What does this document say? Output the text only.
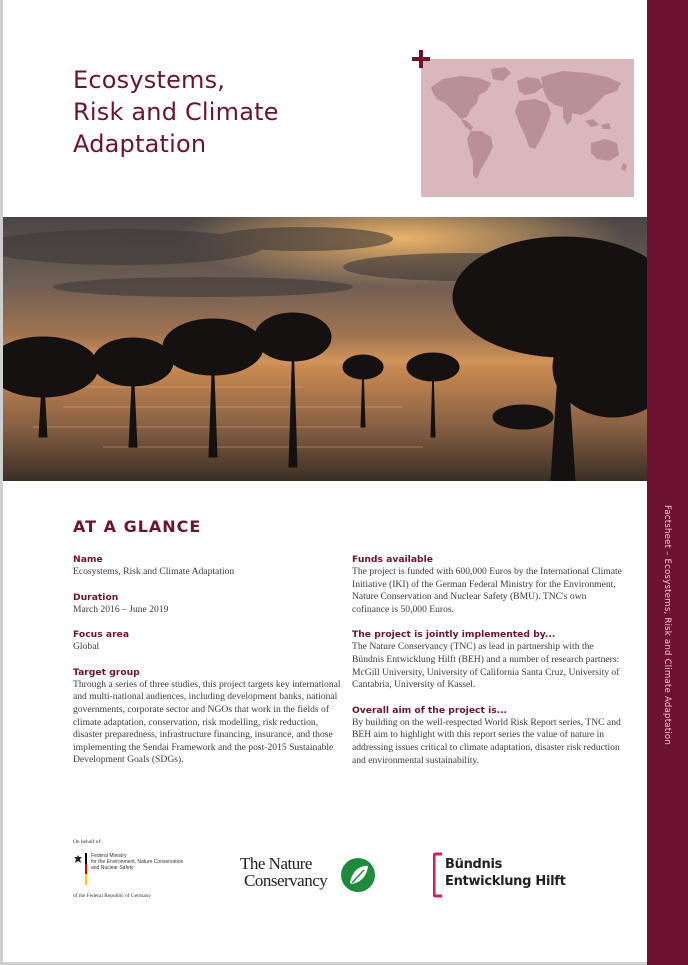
Factsheet – Ecosystems, Risk and Climate Adaptation
Ecosystems,
Risk and Climate
Adaptation
AT A GLANCE
Name
Ecosystems, Risk and Climate Adaptation
Duration
March 2016 – June 2019
Focus area
Global
Target group
Through a series of three studies, this project targets key international and multi-national audiences, including development banks, national governments, corporate sector and NGOs that work in the fields of climate adaptation, conservation, risk modelling, risk reduction, disaster preparedness, infrastructure financing, insurance, and those implementing the Sendai Framework and the post-2015 Sustainable Development Goals (SDGs).
Funds available
The project is funded with 600,000 Euros by the International Climate Initiative (IKI) of the German Federal Ministry for the Environment, Nature Conservation and Nuclear Safety (BMU). TNC's own cofinance is 50,000 Euros.
The project is jointly implemented by...
The Nature Conservancy (TNC) as lead in partnership with the Bündnis Entwicklung Hilft (BEH) and a number of research partners: McGill University, University of California Santa Cruz, University of Cantabria, University of Kassel.
Overall aim of the project is...
By building on the well-respected World Risk Report series, TNC and BEH aim to highlight with this report series the value of nature in addressing issues critical to climate adaptation, disaster risk reduction and environmental sustainability.
On behalf of:
Federal Ministry
for the Environment, Nature Conservation
and Nuclear Safety
of the Federal Republic of Germany
The Nature
Conservancy
Bündnis
Entwicklung Hilft
